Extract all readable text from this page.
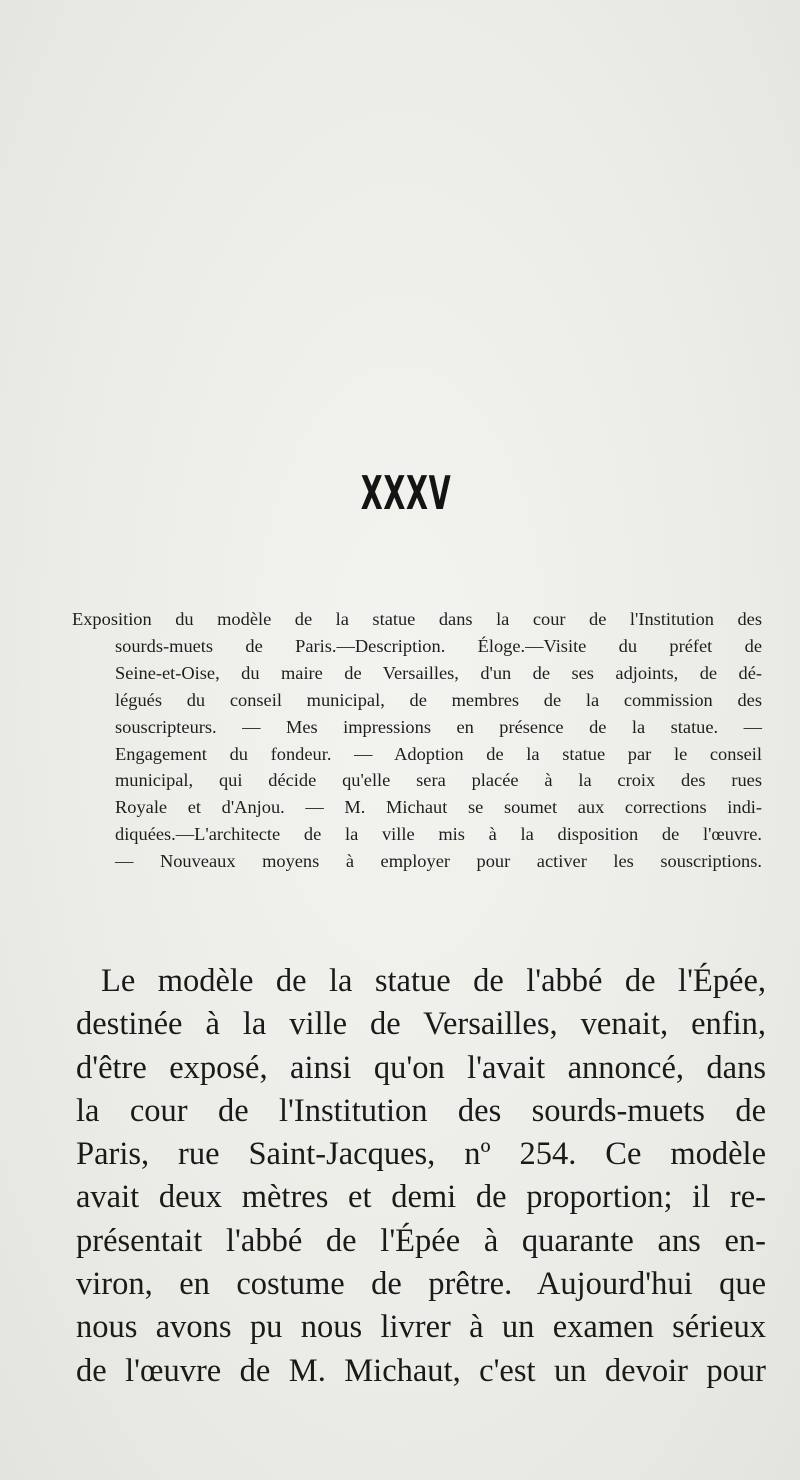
XXXV
Exposition du modèle de la statue dans la cour de l'Institution des
sourds-muets de Paris.—Description. Éloge.—Visite du préfet de
Seine-et-Oise, du maire de Versailles, d'un de ses adjoints, de dé-
légués du conseil municipal, de membres de la commission des
souscripteurs. — Mes impressions en présence de la statue. —
Engagement du fondeur. — Adoption de la statue par le conseil
municipal, qui décide qu'elle sera placée à la croix des rues
Royale et d'Anjou. — M. Michaut se soumet aux corrections indi-
diquées.—L'architecte de la ville mis à la disposition de l'œuvre.
— Nouveaux moyens à employer pour activer les souscriptions.
Le modèle de la statue de l'abbé de l'Épée,
destinée à la ville de Versailles, venait, enfin,
d'être exposé, ainsi qu'on l'avait annoncé, dans
la cour de l'Institution des sourds-muets de
Paris, rue Saint-Jacques, nº 254. Ce modèle
avait deux mètres et demi de proportion; il re-
présentait l'abbé de l'Épée à quarante ans en-
viron, en costume de prêtre. Aujourd'hui que
nous avons pu nous livrer à un examen sérieux
de l'œuvre de M. Michaut, c'est un devoir pour
